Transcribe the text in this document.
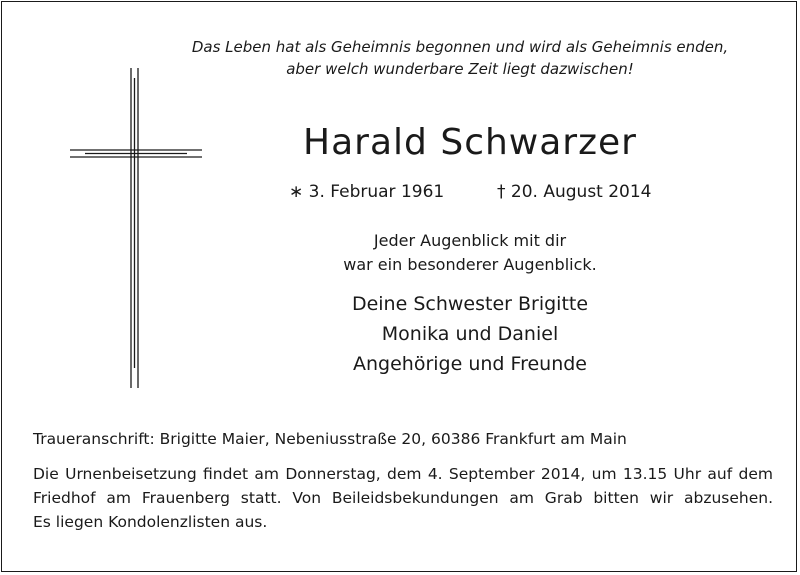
Das Leben hat als Geheimnis begonnen und wird als Geheimnis enden,
aber welch wunderbare Zeit liegt dazwischen!
Harald Schwarzer
∗ 3. Februar 1961	† 20. August 2014
Jeder Augenblick mit dir
war ein besonderer Augenblick.
Deine Schwester Brigitte
Monika und Daniel
Angehörige und Freunde
Traueranschrift: Brigitte Maier, Nebeniusstraße 20, 60386 Frankfurt am Main
Die Urnenbeisetzung findet am Donnerstag, dem 4. September 2014, um 13.15 Uhr auf dem
Friedhof am Frauenberg statt. Von Beileidsbekundungen am Grab bitten wir abzusehen.
Es liegen Kondolenzlisten aus.
